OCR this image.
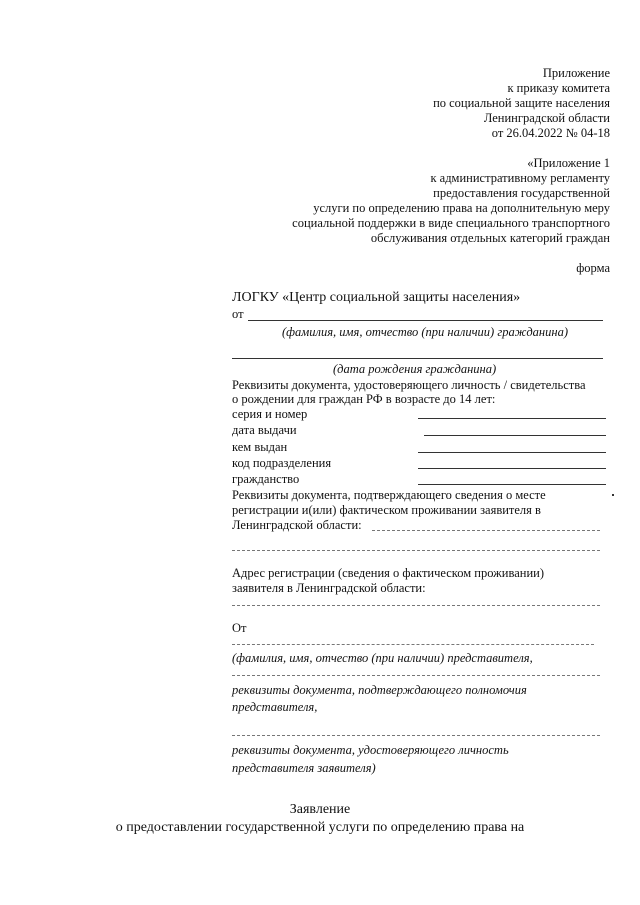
Приложение
к приказу комитета
по социальной защите населения
Ленинградской области
от 26.04.2022 № 04-18
«Приложение 1
к административному регламенту
предоставления государственной
услуги по определению права на дополнительную меру
социальной поддержки в виде специального транспортного
обслуживания отдельных категорий граждан
форма
ЛОГКУ «Центр социальной защиты населения»
от
(фамилия, имя, отчество (при наличии) гражданина)
(дата рождения гражданина)
Реквизиты документа, удостоверяющего личность / свидетельства
о рождении для граждан РФ в возрасте до 14 лет:
серия и номер
дата выдачи
кем выдан
код подразделения
гражданство
Реквизиты документа, подтверждающего сведения о месте
регистрации и(или) фактическом проживании заявителя в
Ленинградской области:
Адрес регистрации (сведения о фактическом проживании)
заявителя в Ленинградской области:
От
(фамилия, имя, отчество (при наличии) представителя,
реквизиты документа, подтверждающего полномочия
представителя,
реквизиты документа, удостоверяющего личность
представителя заявителя)
Заявление
о предоставлении государственной услуги по определению права на
